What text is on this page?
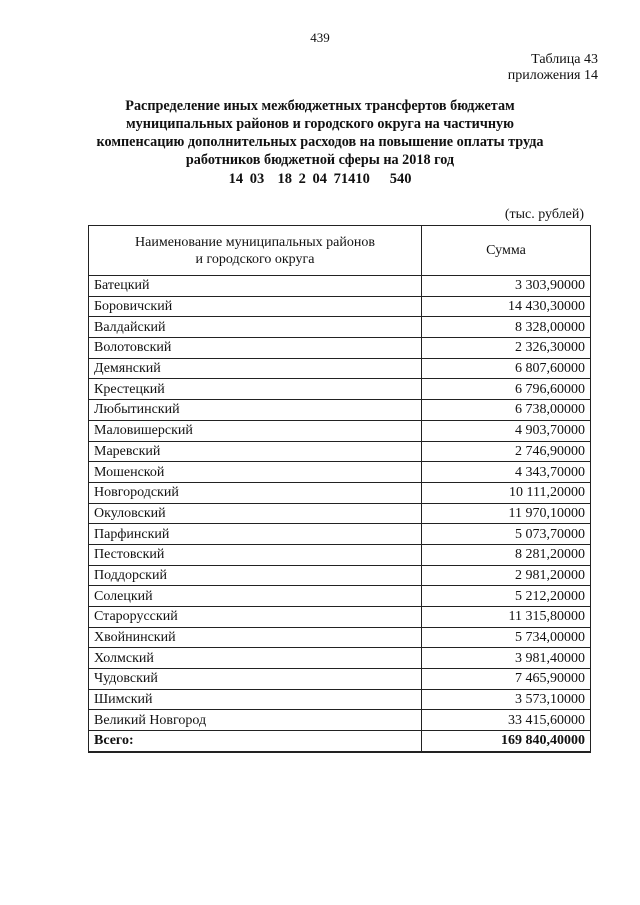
439
Таблица 43
приложения 14
Распределение иных межбюджетных трансфертов бюджетам
муниципальных районов и городского округа на частичную
компенсацию дополнительных расходов на повышение оплаты труда
работников бюджетной сферы на 2018 год
14 03  18 2 04 71410   540
(тыс. рублей)
Наименование муниципальных районов
и городского округа	Сумма
Батецкий	3 303,90000
Боровичский	14 430,30000
Валдайский	8 328,00000
Волотовский	2 326,30000
Демянский	6 807,60000
Крестецкий	6 796,60000
Любытинский	6 738,00000
Маловишерский	4 903,70000
Маревский	2 746,90000
Мошенской	4 343,70000
Новгородский	10 111,20000
Окуловский	11 970,10000
Парфинский	5 073,70000
Пестовский	8 281,20000
Поддорский	2 981,20000
Солецкий	5 212,20000
Старорусский	11 315,80000
Хвойнинский	5 734,00000
Холмский	3 981,40000
Чудовский	7 465,90000
Шимский	3 573,10000
Великий Новгород	33 415,60000
Всего:	169 840,40000
